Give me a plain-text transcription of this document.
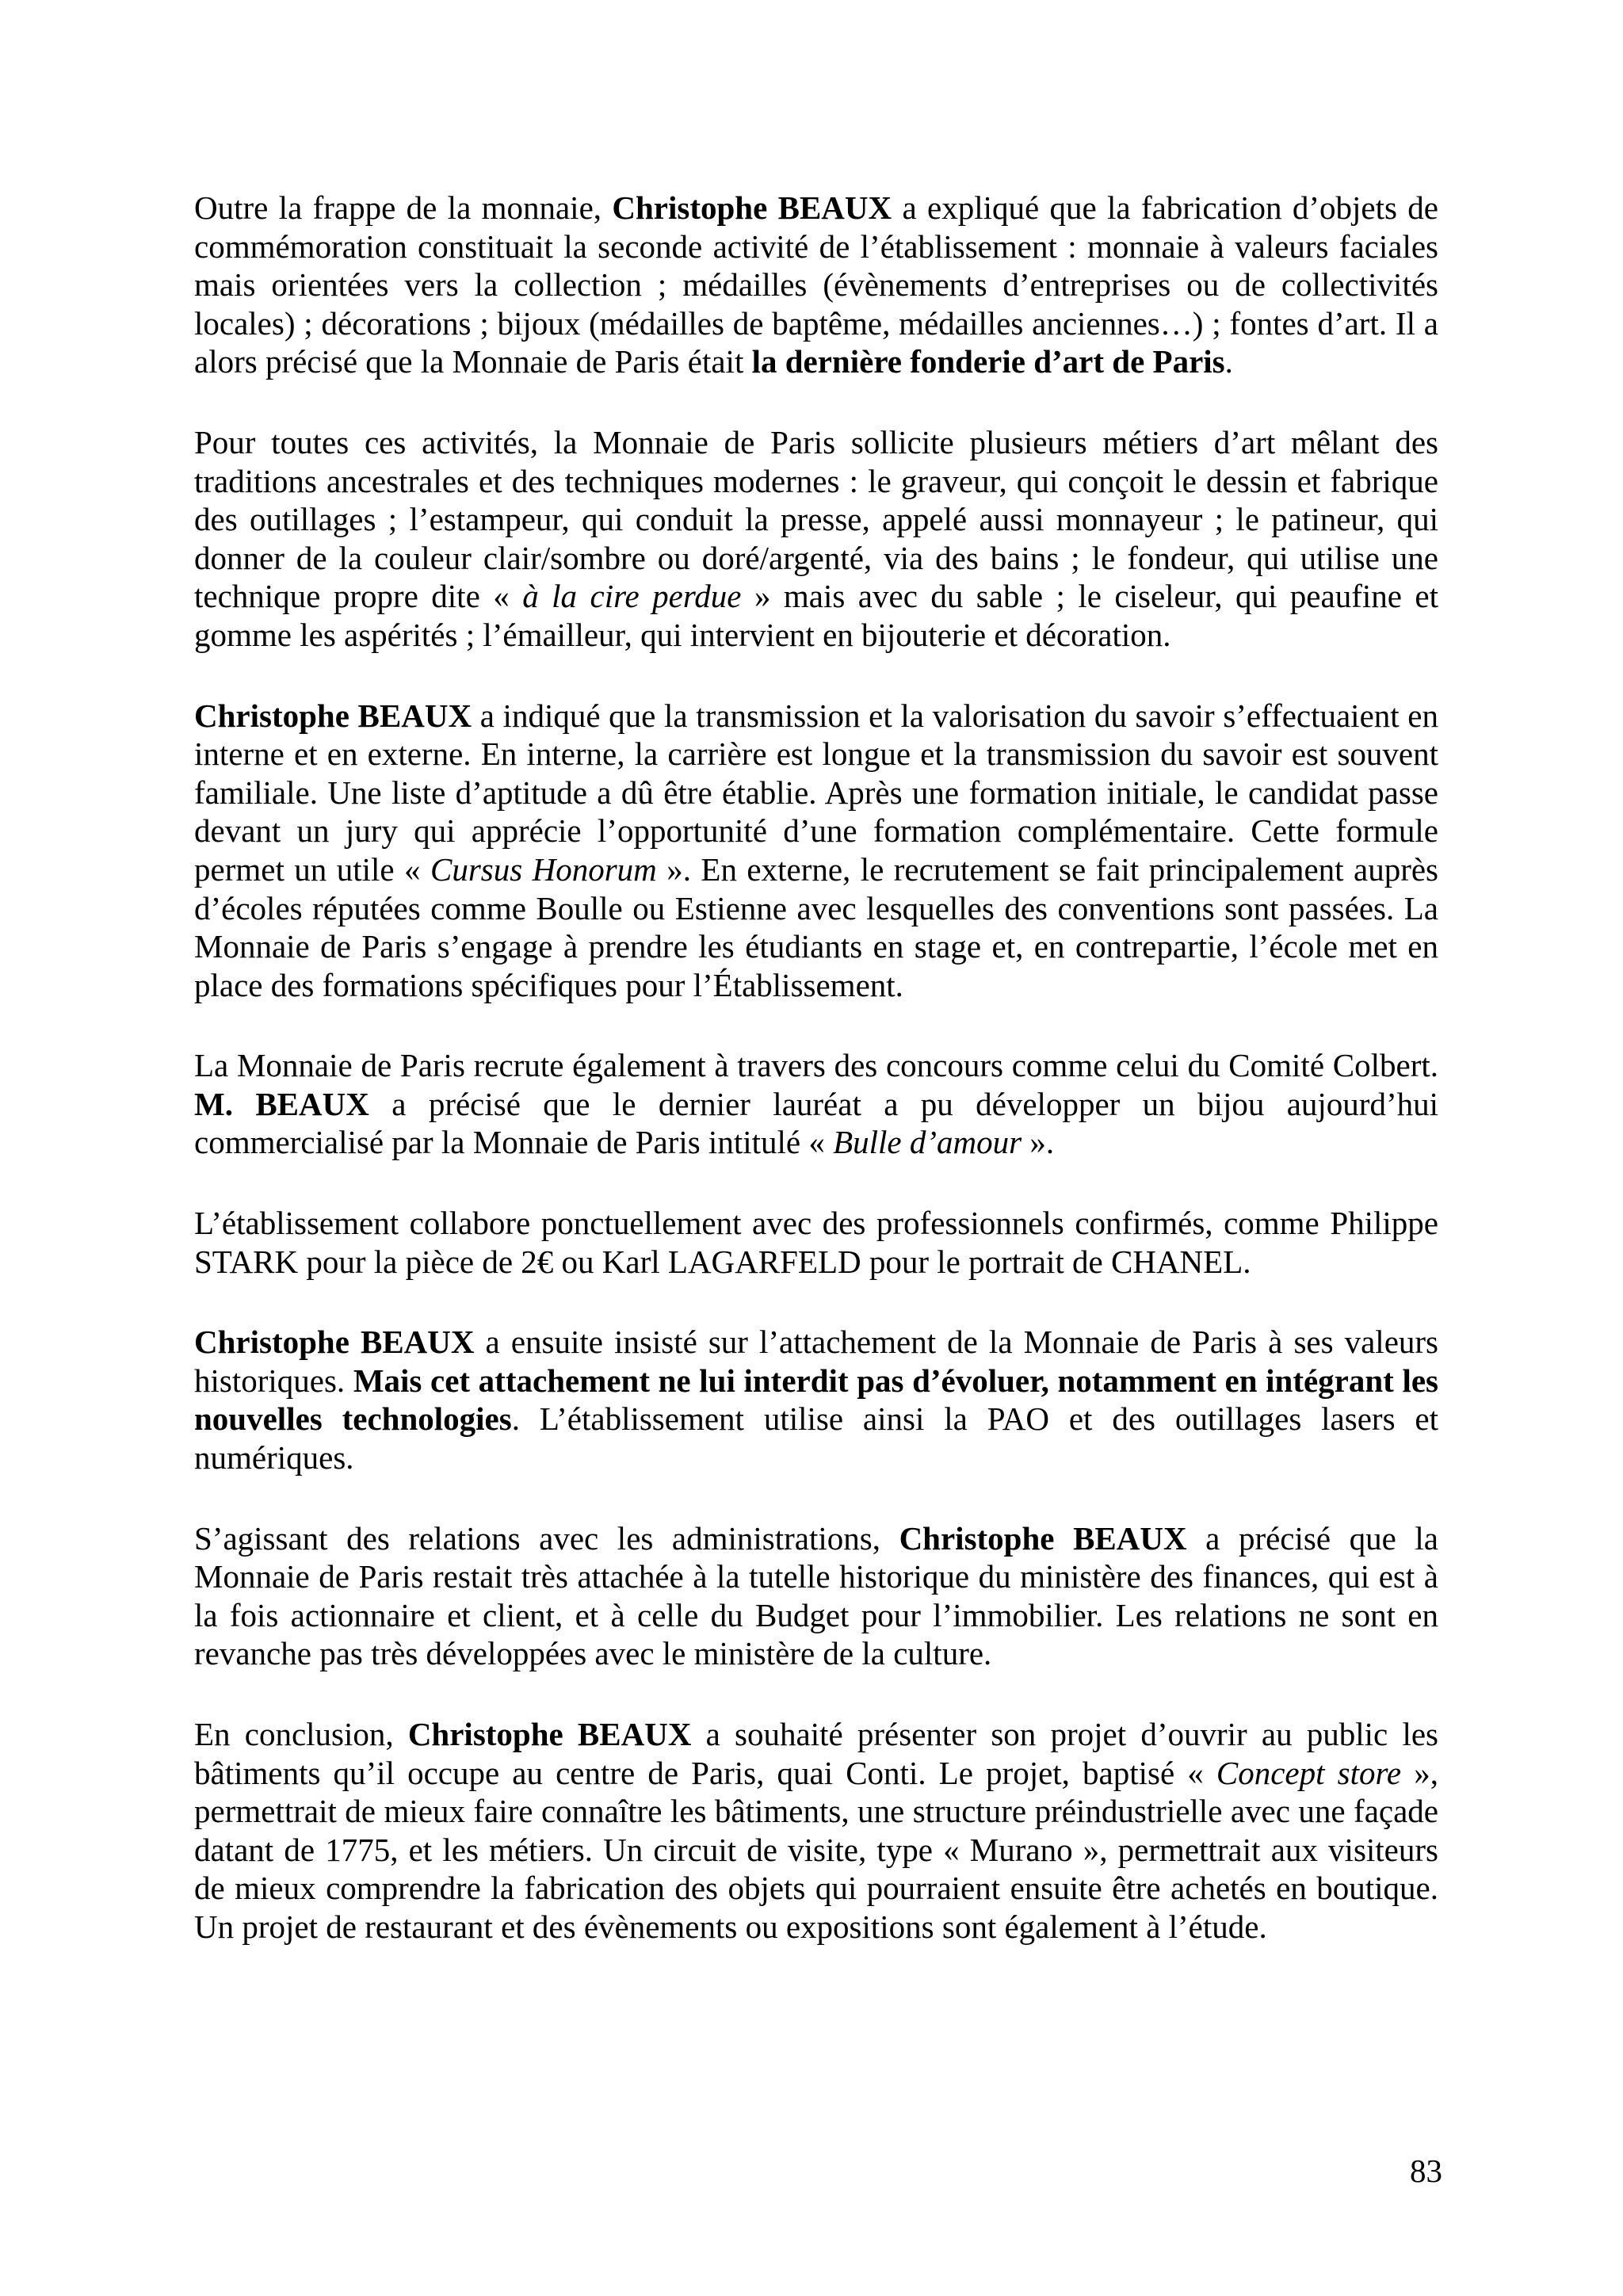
Outre la frappe de la monnaie, Christophe BEAUX a expliqué que la fabrication d’objets de commémoration constituait la seconde activité de l’établissement : monnaie à valeurs faciales mais orientées vers la collection ; médailles (évènements d’entreprises ou de collectivités locales) ; décorations ; bijoux (médailles de baptême, médailles anciennes…) ; fontes d’art. Il a alors précisé que la Monnaie de Paris était la dernière fonderie d’art de Paris.

Pour toutes ces activités, la Monnaie de Paris sollicite plusieurs métiers d’art mêlant des traditions ancestrales et des techniques modernes : le graveur, qui conçoit le dessin et fabrique des outillages ; l’estampeur, qui conduit la presse, appelé aussi monnayeur ; le patineur, qui donner de la couleur clair/sombre ou doré/argenté, via des bains ; le fondeur, qui utilise une technique propre dite « à la cire perdue » mais avec du sable ; le ciseleur, qui peaufine et gomme les aspérités ; l’émailleur, qui intervient en bijouterie et décoration.

Christophe BEAUX a indiqué que la transmission et la valorisation du savoir s’effectuaient en interne et en externe. En interne, la carrière est longue et la transmission du savoir est souvent familiale. Une liste d’aptitude a dû être établie. Après une formation initiale, le candidat passe devant un jury qui apprécie l’opportunité d’une formation complémentaire. Cette formule permet un utile « Cursus Honorum ». En externe, le recrutement se fait principalement auprès d’écoles réputées comme Boulle ou Estienne avec lesquelles des conventions sont passées. La Monnaie de Paris s’engage à prendre les étudiants en stage et, en contrepartie, l’école met en place des formations spécifiques pour l’Établissement.

La Monnaie de Paris recrute également à travers des concours comme celui du Comité Colbert. M. BEAUX a précisé que le dernier lauréat a pu développer un bijou aujourd’hui commercialisé par la Monnaie de Paris intitulé « Bulle d’amour ».

L’établissement collabore ponctuellement avec des professionnels confirmés, comme Philippe STARK pour la pièce de 2€ ou Karl LAGARFELD pour le portrait de CHANEL.

Christophe BEAUX a ensuite insisté sur l’attachement de la Monnaie de Paris à ses valeurs historiques. Mais cet attachement ne lui interdit pas d’évoluer, notamment en intégrant les nouvelles technologies. L’établissement utilise ainsi la PAO et des outillages lasers et numériques.

S’agissant des relations avec les administrations, Christophe BEAUX a précisé que la Monnaie de Paris restait très attachée à la tutelle historique du ministère des finances, qui est à la fois actionnaire et client, et à celle du Budget pour l’immobilier. Les relations ne sont en revanche pas très développées avec le ministère de la culture.

En conclusion, Christophe BEAUX a souhaité présenter son projet d’ouvrir au public les bâtiments qu’il occupe au centre de Paris, quai Conti. Le projet, baptisé « Concept store », permettrait de mieux faire connaître les bâtiments, une structure préindustrielle avec une façade datant de 1775, et les métiers. Un circuit de visite, type « Murano », permettrait aux visiteurs de mieux comprendre la fabrication des objets qui pourraient ensuite être achetés en boutique. Un projet de restaurant et des évènements ou expositions sont également à l’étude.

83
